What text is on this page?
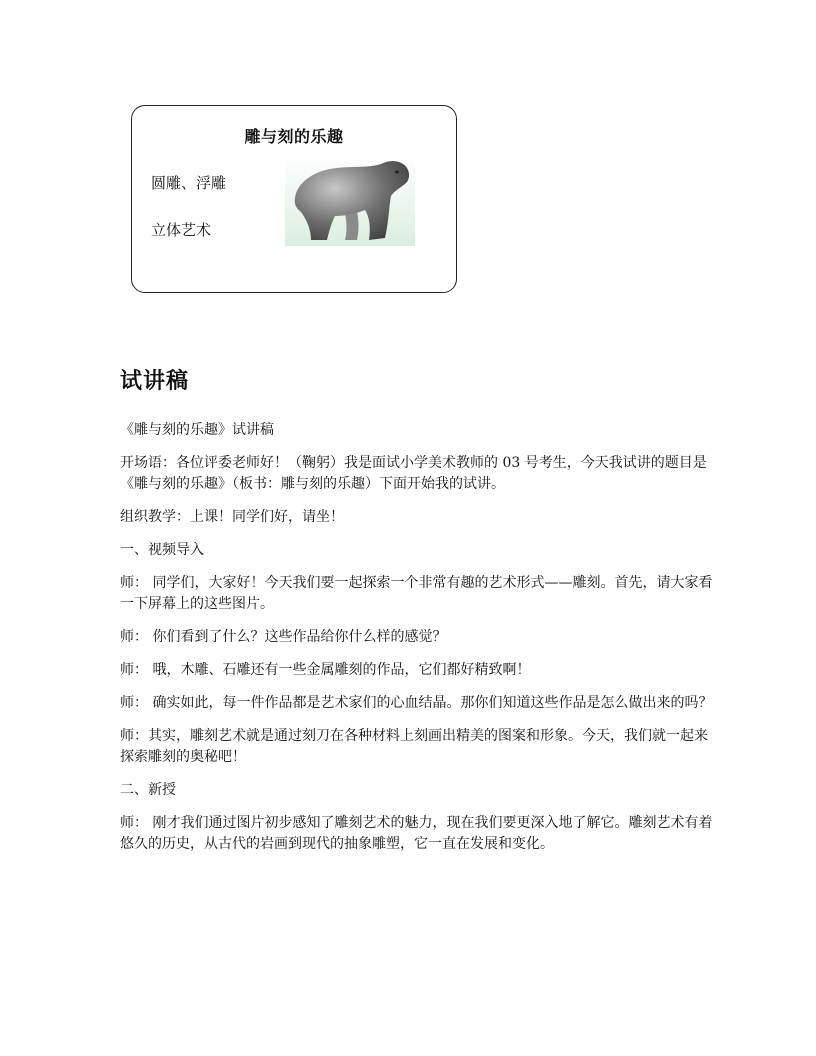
雕与刻的乐趣
圆雕、浮雕
立体艺术
试讲稿

《雕与刻的乐趣》试讲稿

开场语：各位评委老师好！（鞠躬）我是面试小学美术教师的 03 号考生，今天我试讲的题目是《雕与刻的乐趣》（板书：雕与刻的乐趣）下面开始我的试讲。

组织教学：上课！同学们好，请坐！

一、视频导入

师： 同学们，大家好！今天我们要一起探索一个非常有趣的艺术形式——雕刻。首先，请大家看一下屏幕上的这些图片。

师： 你们看到了什么？这些作品给你什么样的感觉？

师： 哦，木雕、石雕还有一些金属雕刻的作品，它们都好精致啊！

师： 确实如此，每一件作品都是艺术家们的心血结晶。那你们知道这些作品是怎么做出来的吗？

师：其实，雕刻艺术就是通过刻刀在各种材料上刻画出精美的图案和形象。今天，我们就一起来探索雕刻的奥秘吧！

二、新授

师： 刚才我们通过图片初步感知了雕刻艺术的魅力，现在我们要更深入地了解它。雕刻艺术有着悠久的历史，从古代的岩画到现代的抽象雕塑，它一直在发展和变化。
